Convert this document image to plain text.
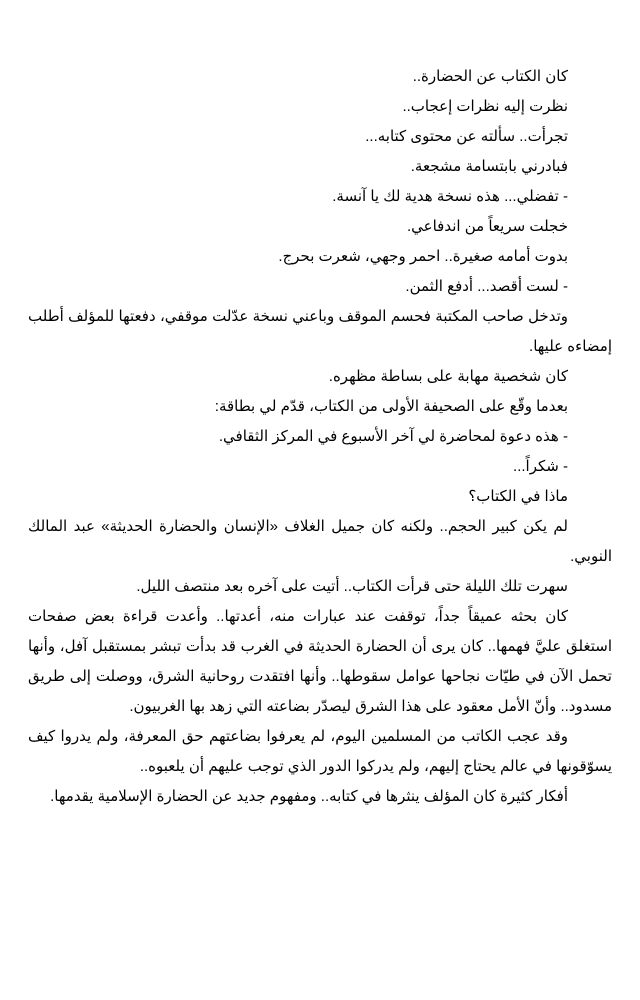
كان الكتاب عن الحضارة..

نظرت إليه نظرات إعجاب..

تجرأت.. سألته عن محتوى كتابه...

فبادرني بابتسامة مشجعة.

- تفضلي... هذه نسخة هدية لك يا آنسة.

خجلت سريعاً من اندفاعي.

بدوت أمامه صغيرة.. احمر وجهي، شعرت بحرج.

- لست أقصد... أدفع الثمن.

وتدخل صاحب المكتبة فحسم الموقف وباعني نسخة عدّلت موقفي، دفعتها للمؤلف أطلب إمضاءه عليها.

كان شخصية مهابة على بساطة مظهره.

بعدما وقّع على الصحيفة الأولى من الكتاب، قدّم لي بطاقة:

- هذه دعوة لمحاضرة لي آخر الأسبوع في المركز الثقافي.

- شكراً...

ماذا في الكتاب؟

لم يكن كبير الحجم.. ولكنه كان جميل الغلاف «الإنسان والحضارة الحديثة» عبد المالك النوبي.

سهرت تلك الليلة حتى قرأت الكتاب.. أتيت على آخره بعد منتصف الليل.

كان بحثه عميقاً جداً، توقفت عند عبارات منه، أعدتها.. وأعدت قراءة بعض صفحات استغلق عليَّ فهمها.. كان يرى أن الحضارة الحديثة في الغرب قد بدأت تبشر بمستقبل آفل، وأنها تحمل الآن في طيّات نجاحها عوامل سقوطها.. وأنها افتقدت روحانية الشرق، ووصلت إلى طريق مسدود.. وأنّ الأمل معقود على هذا الشرق ليصدّر بضاعته التي زهد بها الغربيون.

وقد عجب الكاتب من المسلمين اليوم، لم يعرفوا بضاعتهم حق المعرفة، ولم يدروا كيف يسوّقونها في عالم يحتاج إليهم، ولم يدركوا الدور الذي توجب عليهم أن يلعبوه..

أفكار كثيرة كان المؤلف ينثرها في كتابه.. ومفهوم جديد عن الحضارة الإسلامية يقدمها.
